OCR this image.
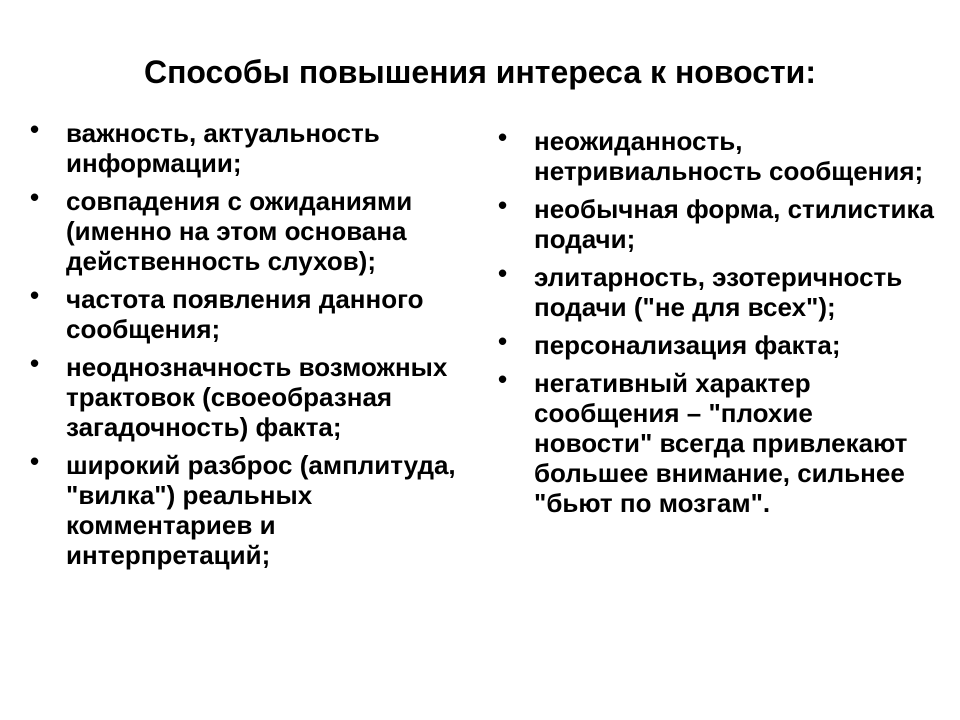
Способы повышения интереса к новости:
• важность, актуальность информации;
• совпадения с ожиданиями (именно на этом основана действенность слухов);
• частота появления данного сообщения;
• неоднозначность возможных трактовок (своеобразная загадочность) факта;
• широкий разброс (амплитуда, "вилка") реальных комментариев и интерпретаций;
• неожиданность, нетривиальность сообщения;
• необычная форма, стилистика подачи;
• элитарность, эзотеричность подачи ("не для всех");
• персонализация факта;
• негативный характер сообщения – "плохие новости" всегда привлекают большее внимание, сильнее "бьют по мозгам".
